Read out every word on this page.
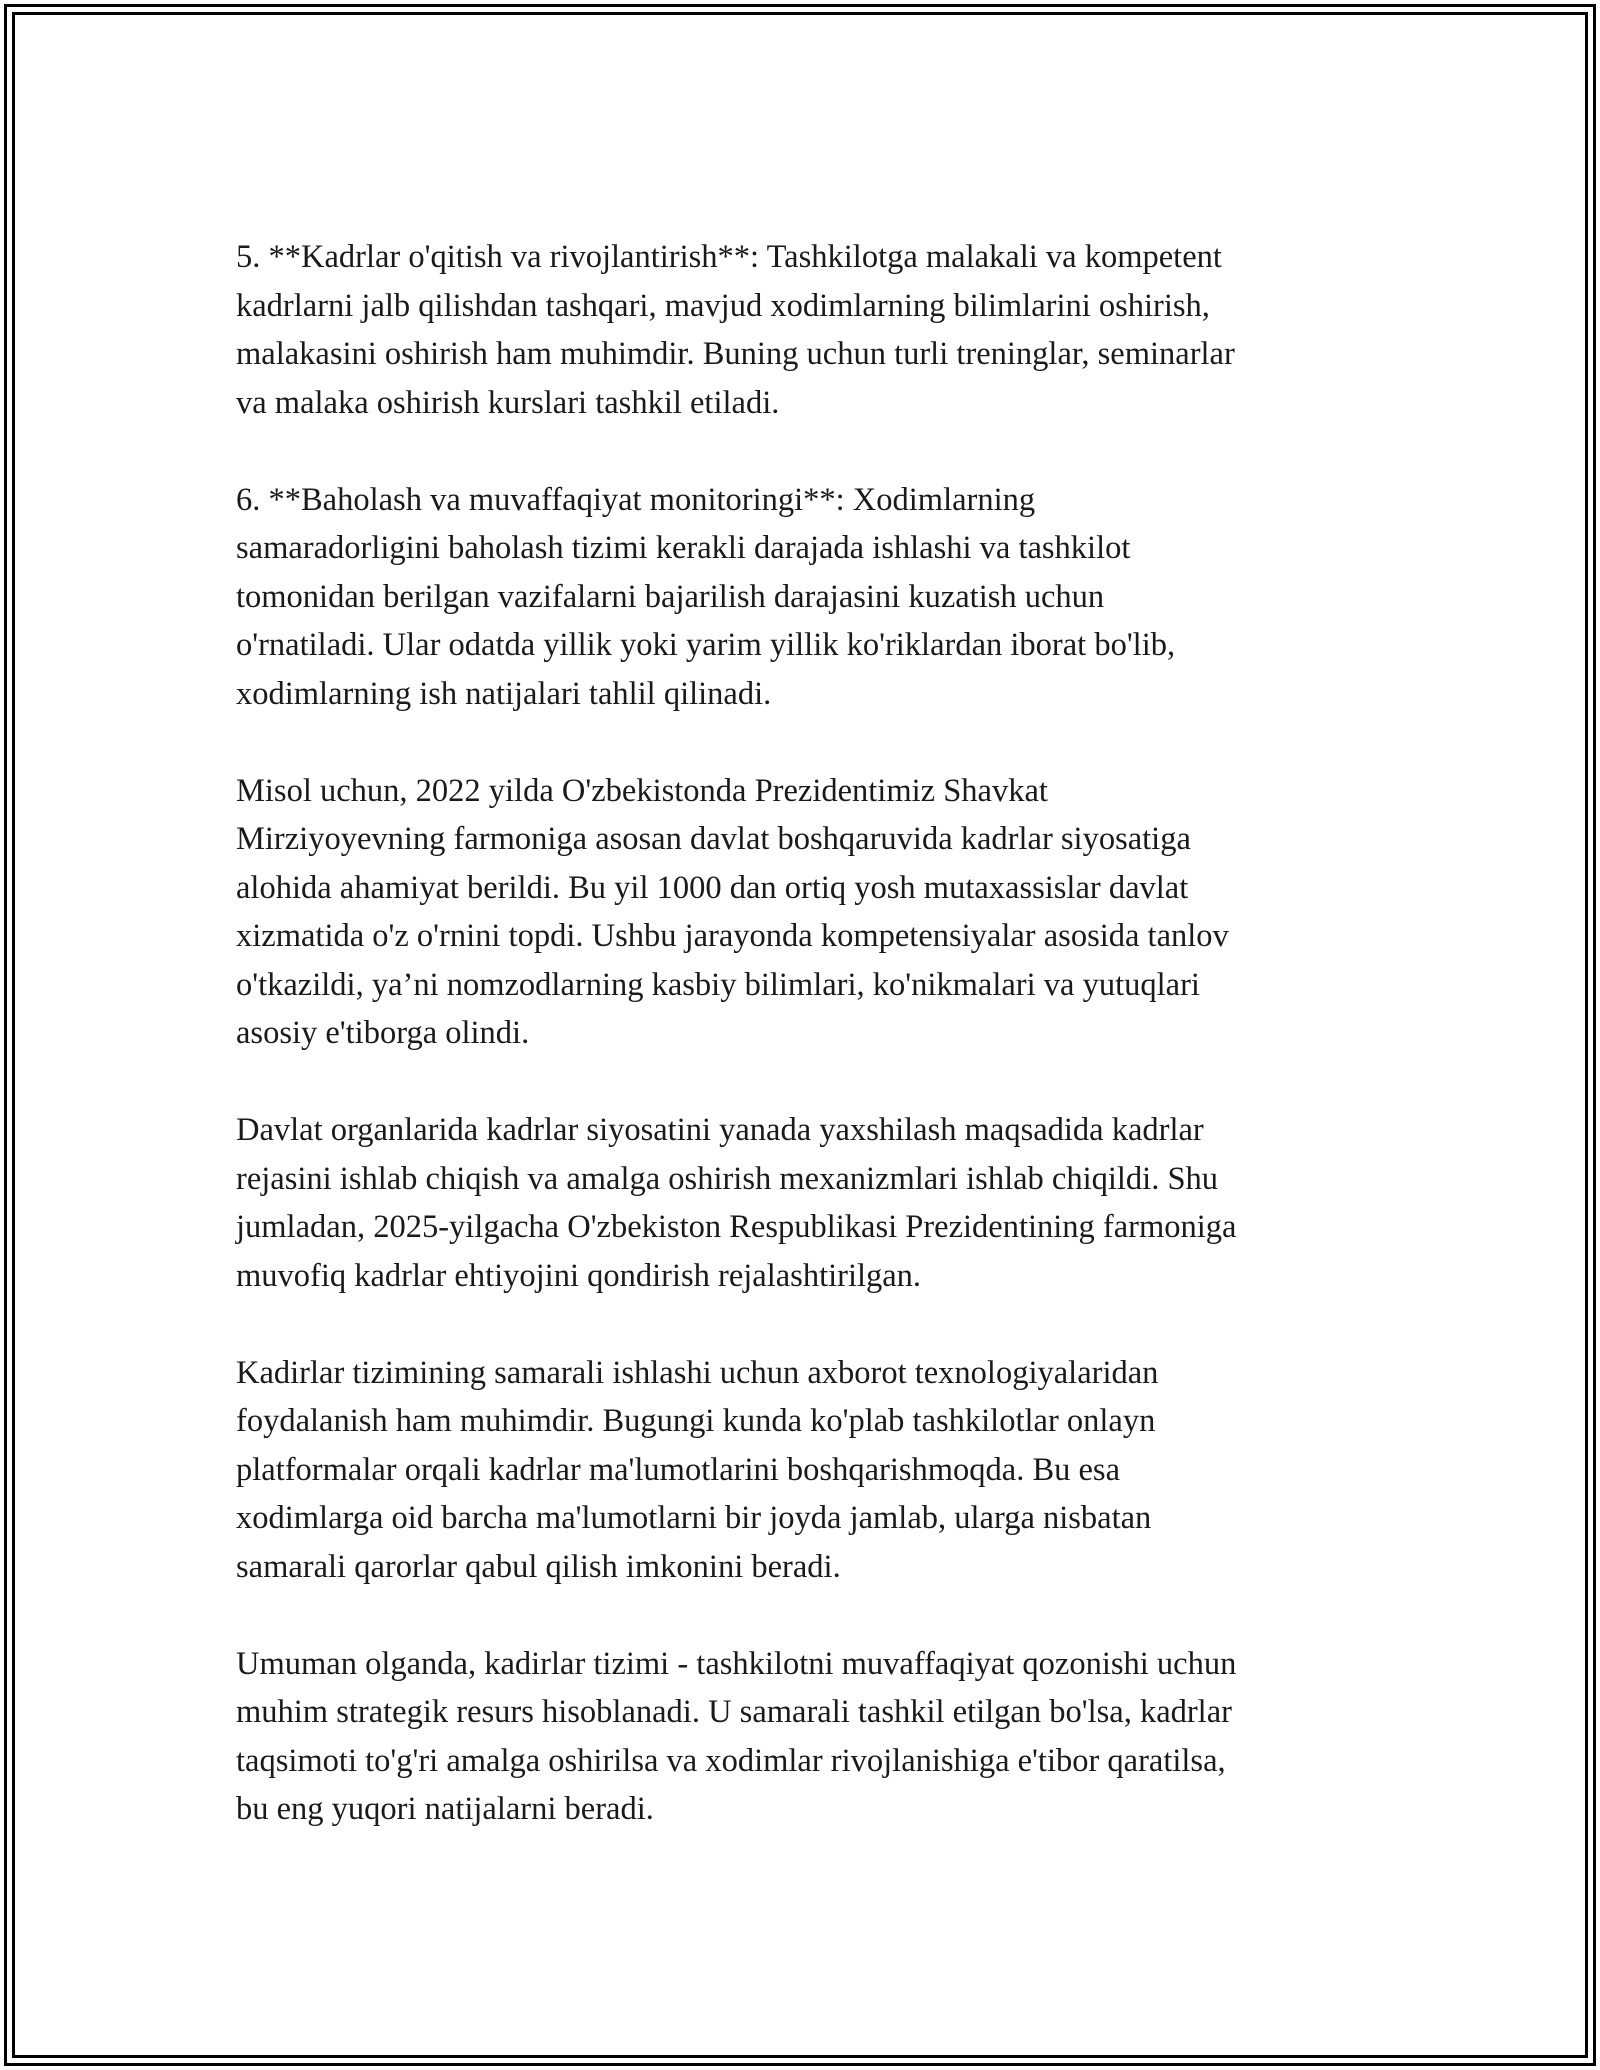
5. **Kadrlar o'qitish va rivojlantirish**: Tashkilotga malakali va kompetent
kadrlarni jalb qilishdan tashqari, mavjud xodimlarning bilimlarini oshirish,
malakasini oshirish ham muhimdir. Buning uchun turli treninglar, seminarlar
va malaka oshirish kurslari tashkil etiladi.

6. **Baholash va muvaffaqiyat monitoringi**: Xodimlarning
samaradorligini baholash tizimi kerakli darajada ishlashi va tashkilot
tomonidan berilgan vazifalarni bajarilish darajasini kuzatish uchun
o'rnatiladi. Ular odatda yillik yoki yarim yillik ko'riklardan iborat bo'lib,
xodimlarning ish natijalari tahlil qilinadi.

Misol uchun, 2022 yilda O'zbekistonda Prezidentimiz Shavkat
Mirziyoyevning farmoniga asosan davlat boshqaruvida kadrlar siyosatiga
alohida ahamiyat berildi. Bu yil 1000 dan ortiq yosh mutaxassislar davlat
xizmatida o'z o'rnini topdi. Ushbu jarayonda kompetensiyalar asosida tanlov
o'tkazildi, ya’ni nomzodlarning kasbiy bilimlari, ko'nikmalari va yutuqlari
asosiy e'tiborga olindi.

Davlat organlarida kadrlar siyosatini yanada yaxshilash maqsadida kadrlar
rejasini ishlab chiqish va amalga oshirish mexanizmlari ishlab chiqildi. Shu
jumladan, 2025-yilgacha O'zbekiston Respublikasi Prezidentining farmoniga
muvofiq kadrlar ehtiyojini qondirish rejalashtirilgan.

Kadirlar tizimining samarali ishlashi uchun axborot texnologiyalaridan
foydalanish ham muhimdir. Bugungi kunda ko'plab tashkilotlar onlayn
platformalar orqali kadrlar ma'lumotlarini boshqarishmoqda. Bu esa
xodimlarga oid barcha ma'lumotlarni bir joyda jamlab, ularga nisbatan
samarali qarorlar qabul qilish imkonini beradi.

Umuman olganda, kadirlar tizimi - tashkilotni muvaffaqiyat qozonishi uchun
muhim strategik resurs hisoblanadi. U samarali tashkil etilgan bo'lsa, kadrlar
taqsimoti to'g'ri amalga oshirilsa va xodimlar rivojlanishiga e'tibor qaratilsa,
bu eng yuqori natijalarni beradi.
